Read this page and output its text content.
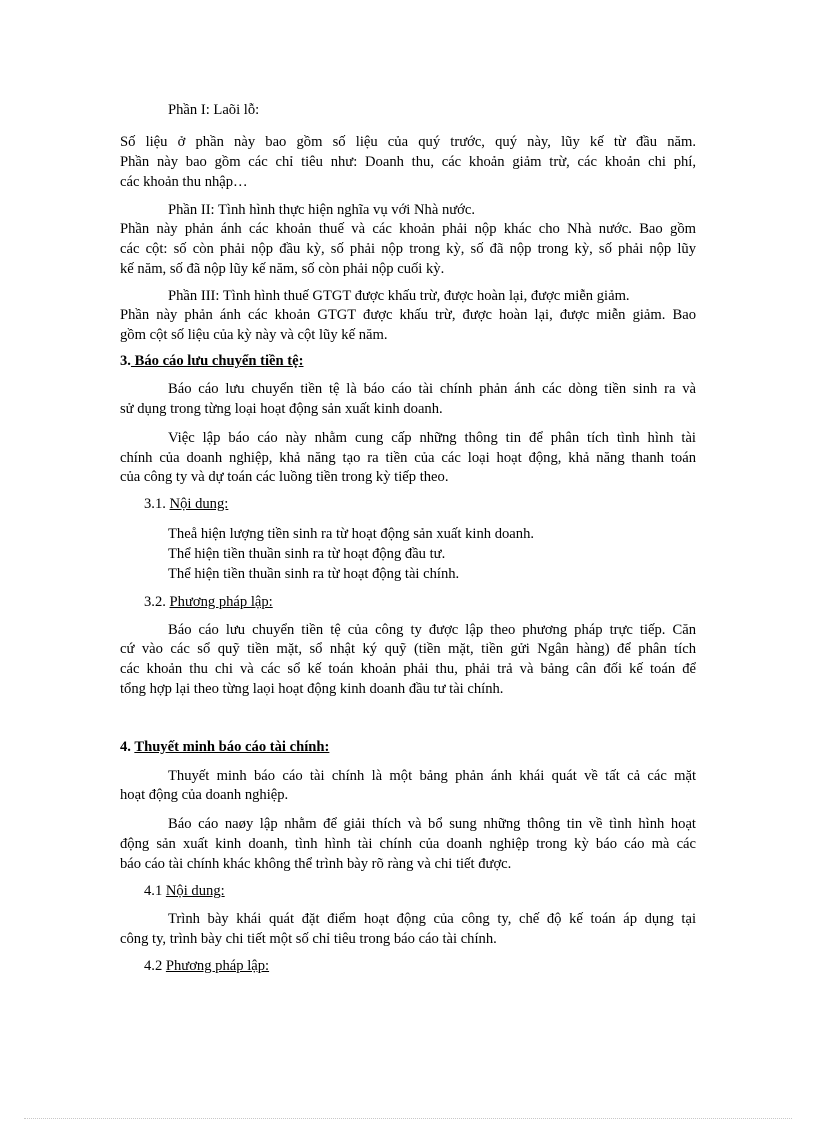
Phần I: Laõi lỗ:
Số liệu ở phần này bao gồm số liệu của quý trước, quý này, lũy kế từ đầu năm.
Phần này bao gồm các chỉ tiêu như: Doanh thu, các khoản giảm trừ, các khoản chi phí,
các khoản thu nhập…
Phần II: Tình hình thực hiện nghĩa vụ với Nhà nước.
Phần này phản ánh các khoản thuế và các khoản phải nộp khác cho Nhà nước. Bao gồm
các cột: số còn phải nộp đầu kỳ, số phải nộp trong kỳ, số đã nộp trong kỳ, số phải nộp lũy
kế năm, số đã nộp lũy kế năm, số còn phải nộp cuối kỳ.
Phần III: Tình hình thuế GTGT được khấu trừ, được hoàn lại, được miễn giảm.
Phần này phản ánh các khoản GTGT được khấu trừ, được hoàn lại, được miễn giảm. Bao
gồm cột số liệu của kỳ này và cột lũy kế năm.
3. Báo cáo lưu chuyển tiền tệ:
Báo cáo lưu chuyển tiền tệ là báo cáo tài chính phản ánh các dòng tiền sinh ra và
sử dụng trong từng loại hoạt động sản xuất kinh doanh.
Việc lập báo cáo này nhằm cung cấp những thông tin để phân tích tình hình tài
chính của doanh nghiệp, khả năng tạo ra tiền của các loại hoạt động, khả năng thanh toán
của công ty và dự toán các luồng tiền trong kỳ tiếp theo.
3.1. Nội dung:
Theå hiện lượng tiền sinh ra từ hoạt động sản xuất kinh doanh.
Thể hiện tiền thuần sinh ra từ hoạt động đầu tư.
Thể hiện tiền thuần sinh ra từ hoạt động tài chính.
3.2. Phương pháp lập:
Báo cáo lưu chuyển tiền tệ của công ty được lập theo phương pháp trực tiếp. Căn
cứ vào các sổ quỹ tiền mặt, sổ nhật ký quỹ (tiền mặt, tiền gửi Ngân hàng) để phân tích
các khoản thu chi và các sổ kế toán khoản phải thu, phải trả và bảng cân đối kế toán để
tổng hợp lại theo từng laọi hoạt động kinh doanh đầu tư tài chính.
4. Thuyết minh báo cáo tài chính:
Thuyết minh báo cáo tài chính là một bảng phản ánh khái quát về tất cả các mặt
hoạt động của doanh nghiệp.
Báo cáo naøy lập nhằm để giải thích và bổ sung những thông tin về tình hình hoạt
động sản xuất kinh doanh, tình hình tài chính của doanh nghiệp trong kỳ báo cáo mà các
báo cáo tài chính khác không thể trình bày rõ ràng và chi tiết được.
4.1 Nội dung:
Trình bày khái quát đặt điểm hoạt động của công ty, chế độ kế toán áp dụng tại
công ty, trình bày chi tiết một số chỉ tiêu trong báo cáo tài chính.
4.2 Phương pháp lập:
